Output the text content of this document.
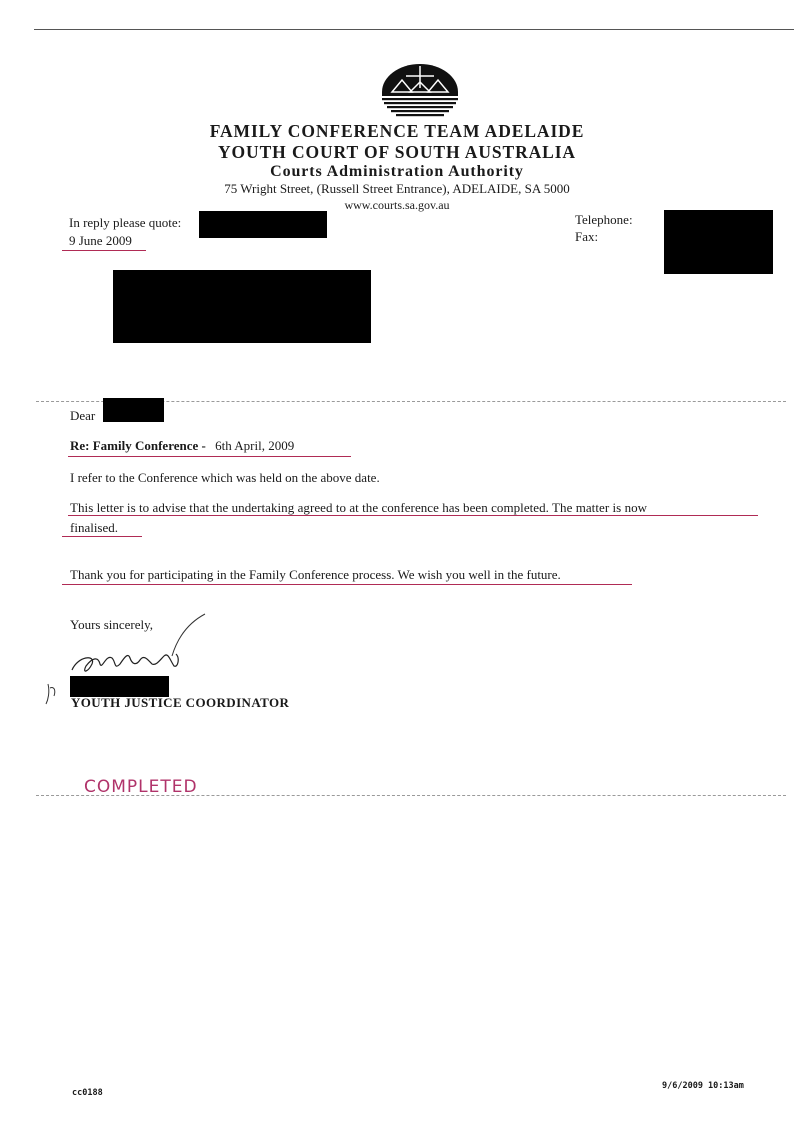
FAMILY CONFERENCE TEAM ADELAIDE
YOUTH COURT OF SOUTH AUSTRALIA
Courts Administration Authority
75 Wright Street, (Russell Street Entrance), ADELAIDE, SA 5000
www.courts.sa.gov.au
In reply please quote:
9 June 2009
Telephone:
Fax:
Dear
Re: Family Conference - 6th April, 2009
I refer to the Conference which was held on the above date.
This letter is to advise that the undertaking agreed to at the conference has been completed. The matter is now
finalised.
Thank you for participating in the Family Conference process. We wish you well in the future.
Yours sincerely,
YOUTH JUSTICE COORDINATOR
COMPLETED
cc0188
9/6/2009 10:13am
